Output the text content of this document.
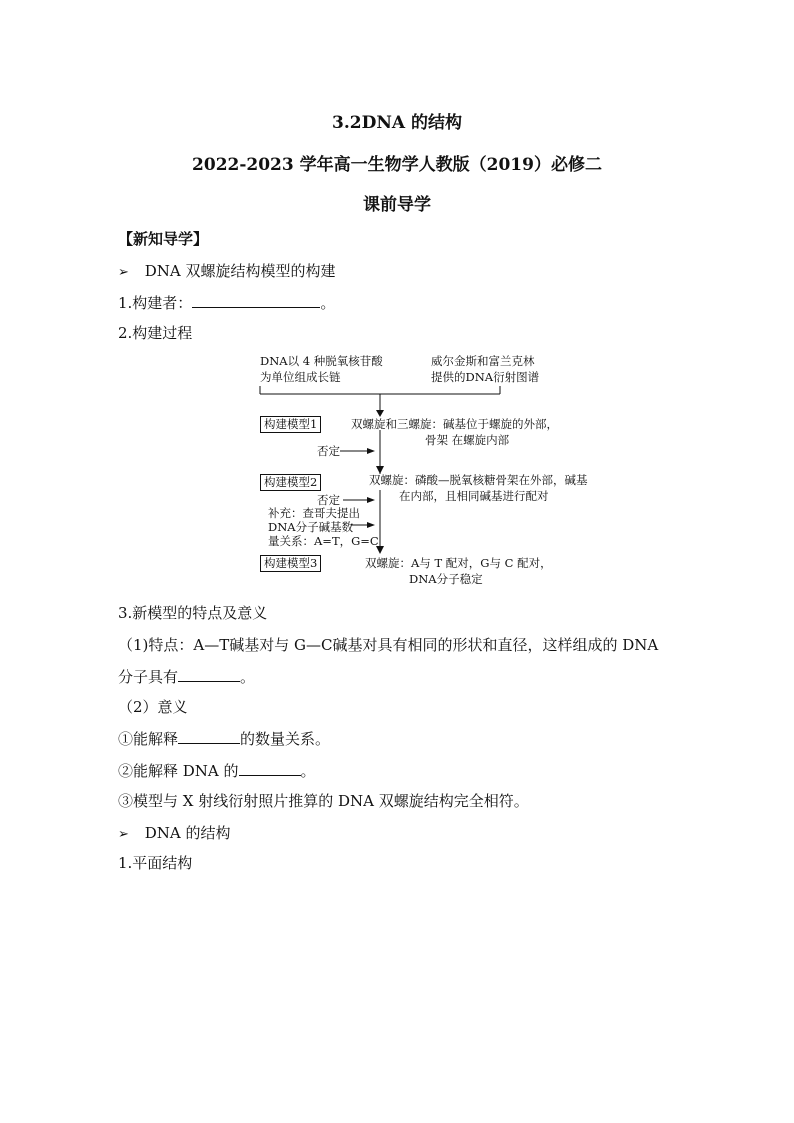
3.2DNA 的结构
2022-2023 学年高一生物学人教版（2019）必修二
课前导学
【新知导学】
➢ DNA 双螺旋结构模型的构建
1.构建者：	。
2.构建过程
DNA以 4 种脱氧核苷酸
为单位组成长链
威尔金斯和富兰克林
提供的DNA衍射图谱
构建模型1	双螺旋和三螺旋：碱基位于螺旋的外部，
骨架 在螺旋内部
否定
构建模型2	双螺旋：磷酸—脱氧核糖骨架在外部，碱基
在内部，且相同碱基进行配对
否定
补充：查哥夫提出
DNA分子碱基数
量关系：A=T，G=C
构建模型3	双螺旋：A与 T 配对，G与 C 配对，
DNA分子稳定
3.新模型的特点及意义
（1)特点：A—T碱基对与 G—C碱基对具有相同的形状和直径，这样组成的 DNA
分子具有	。
（2）意义
①能解释	的数量关系。
②能解释 DNA 的	。
③模型与 X 射线衍射照片推算的 DNA 双螺旋结构完全相符。
➢ DNA 的结构
1.平面结构
